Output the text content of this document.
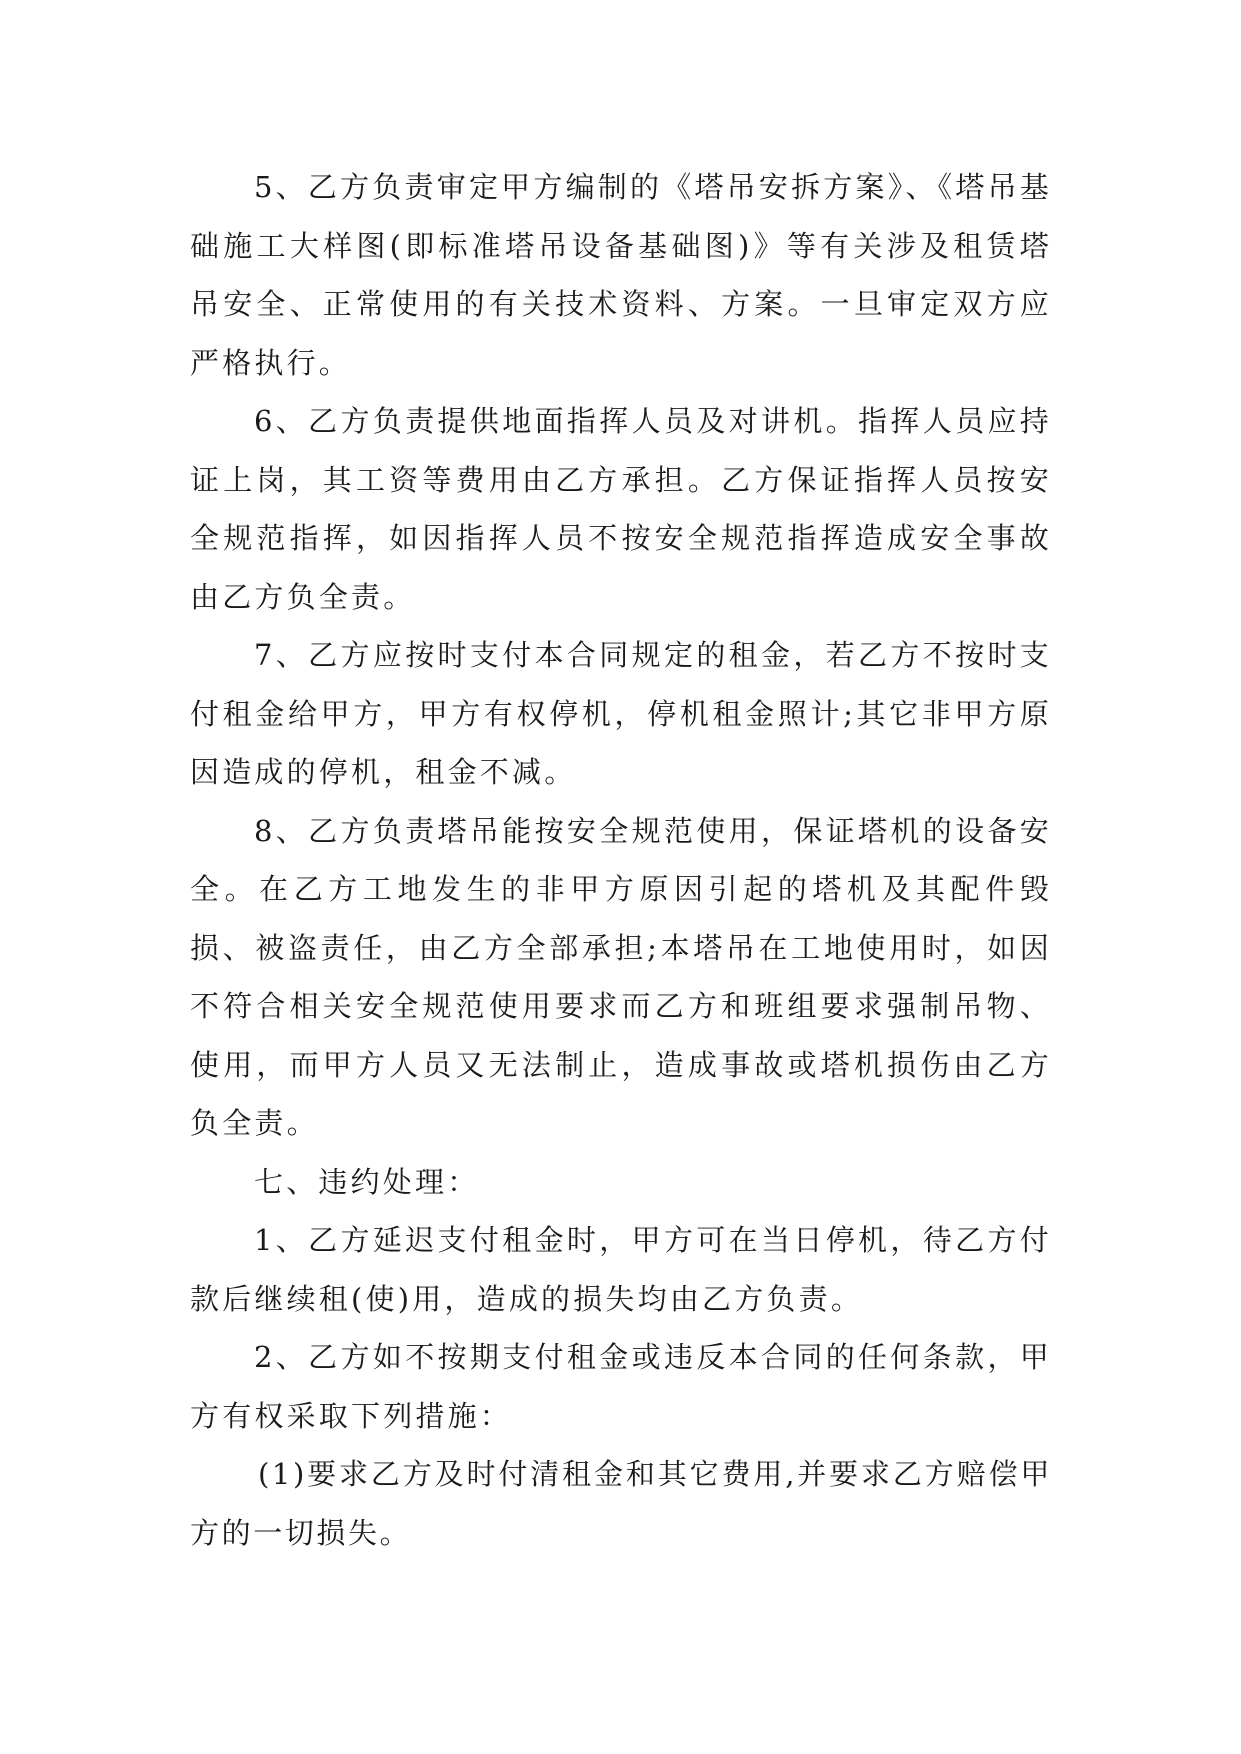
5、乙方负责审定甲方编制的《塔吊安拆方案》、《塔吊基础施工大样图(即标准塔吊设备基础图)》等有关涉及租赁塔吊安全、正常使用的有关技术资料、方案。一旦审定双方应严格执行。

6、乙方负责提供地面指挥人员及对讲机。指挥人员应持证上岗，其工资等费用由乙方承担。乙方保证指挥人员按安全规范指挥，如因指挥人员不按安全规范指挥造成安全事故由乙方负全责。

7、乙方应按时支付本合同规定的租金，若乙方不按时支付租金给甲方，甲方有权停机，停机租金照计;其它非甲方原因造成的停机，租金不减。

8、乙方负责塔吊能按安全规范使用，保证塔机的设备安全。在乙方工地发生的非甲方原因引起的塔机及其配件毁损、被盗责任，由乙方全部承担;本塔吊在工地使用时，如因不符合相关安全规范使用要求而乙方和班组要求强制吊物、使用，而甲方人员又无法制止，造成事故或塔机损伤由乙方负全责。

七、违约处理：

1、乙方延迟支付租金时，甲方可在当日停机，待乙方付款后继续租(使)用，造成的损失均由乙方负责。

2、乙方如不按期支付租金或违反本合同的任何条款，甲方有权采取下列措施：

(1)要求乙方及时付清租金和其它费用,并要求乙方赔偿甲方的一切损失。
